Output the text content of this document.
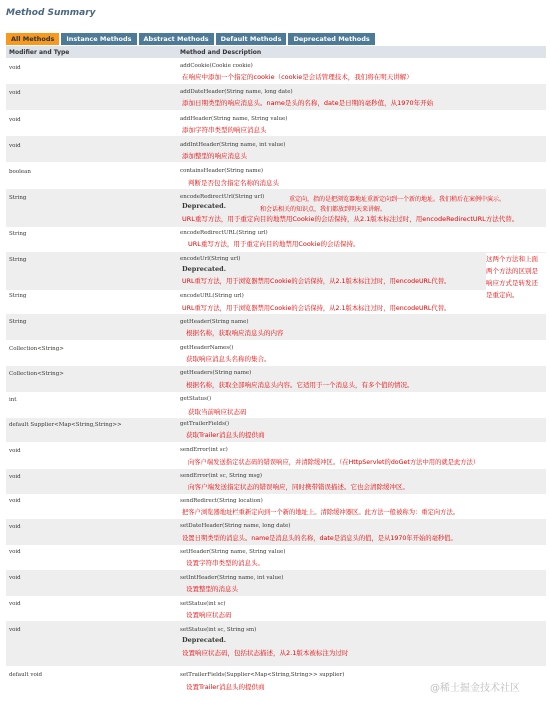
Method Summary
All Methods	Instance Methods	Abstract Methods	Default Methods	Deprecated Methods
Modifier and Type	Method and Description
void	addCookie(Cookie cookie)
在响应中添加一个指定的cookie（cookie是会话管理技术，我们将在明天讲解）
void	addDateHeader(String name, long date)
添加日期类型的响应消息头。name是头的名称，date是日期的毫秒值，从1970年开始
void	addHeader(String name, String value)
添加字符串类型的响应消息头
void	addIntHeader(String name, int value)
添加整型的响应消息头
boolean	containsHeader(String name)
判断是否包含指定名称的消息头
String	encodeRedirectUrl(String url)	重定向，指的是把浏览器地址重新定向到一个新的地址。我们稍后在案例中演示。
Deprecated.	和会话相关的知识点，我们都放到明天来讲解。
URL重写方法，用于重定向目的地禁用Cookie的会话保持，从2.1版本标注过时，用encodeRedirectURL方法代替。
String	encodeRedirectURL(String url)
URL重写方法，用于重定向目的地禁用Cookie的会话保持。
String	encodeUrl(String url)
Deprecated.
URL重写方法，用于浏览器禁用Cookie的会话保持，从2.1版本标注过时，用encodeURL代替。
String	encodeURL(String url)
URL重写方法，用于浏览器禁用Cookie的会话保持，从2.1版本标注过时，用encodeURL代替。
这两个方法和上面
两个方法的区别是
响应方式是转发还
是重定向。
String	getHeader(String name)
根据名称，获取响应消息头的内容
Collection<String>	getHeaderNames()
获取响应消息头名称的集合。
Collection<String>	getHeaders(String name)
根据名称，获取全部响应消息头内容。它适用于一个消息头，有多个值的情况。
int	getStatus()
获取当前响应状态码
default Supplier<Map<String,String>>	getTrailerFields()
获取Trailer消息头的提供商
void	sendError(int sc)
向客户端发送指定状态码的错误响应，并清除缓冲区。（在HttpServlet的doGet方法中用的就是此方法）
void	sendError(int sc, String msg)
向客户端发送指定状态的错误响应，同时携带错误描述。它也会清除缓冲区。
void	sendRedirect(String location)
把客户浏览器地址栏重新定向到一个新的地址上。清除缓冲器区。此方法一般被称为：重定向方法。
void	setDateHeader(String name, long date)
设置日期类型的消息头。name是消息头的名称，date是消息头的值，是从1970年开始的毫秒值。
void	setHeader(String name, String value)
设置字符串类型的消息头。
void	setIntHeader(String name, int value)
设置整型的消息头
void	setStatus(int sc)
设置响应状态码
void	setStatus(int sc, String sm)
Deprecated.
设置响应状态码，包括状态描述，从2.1版本被标注为过时
default void	setTrailerFields(Supplier<Map<String,String>> supplier)
设置Trailer消息头的提供商	@稀土掘金技术社区
